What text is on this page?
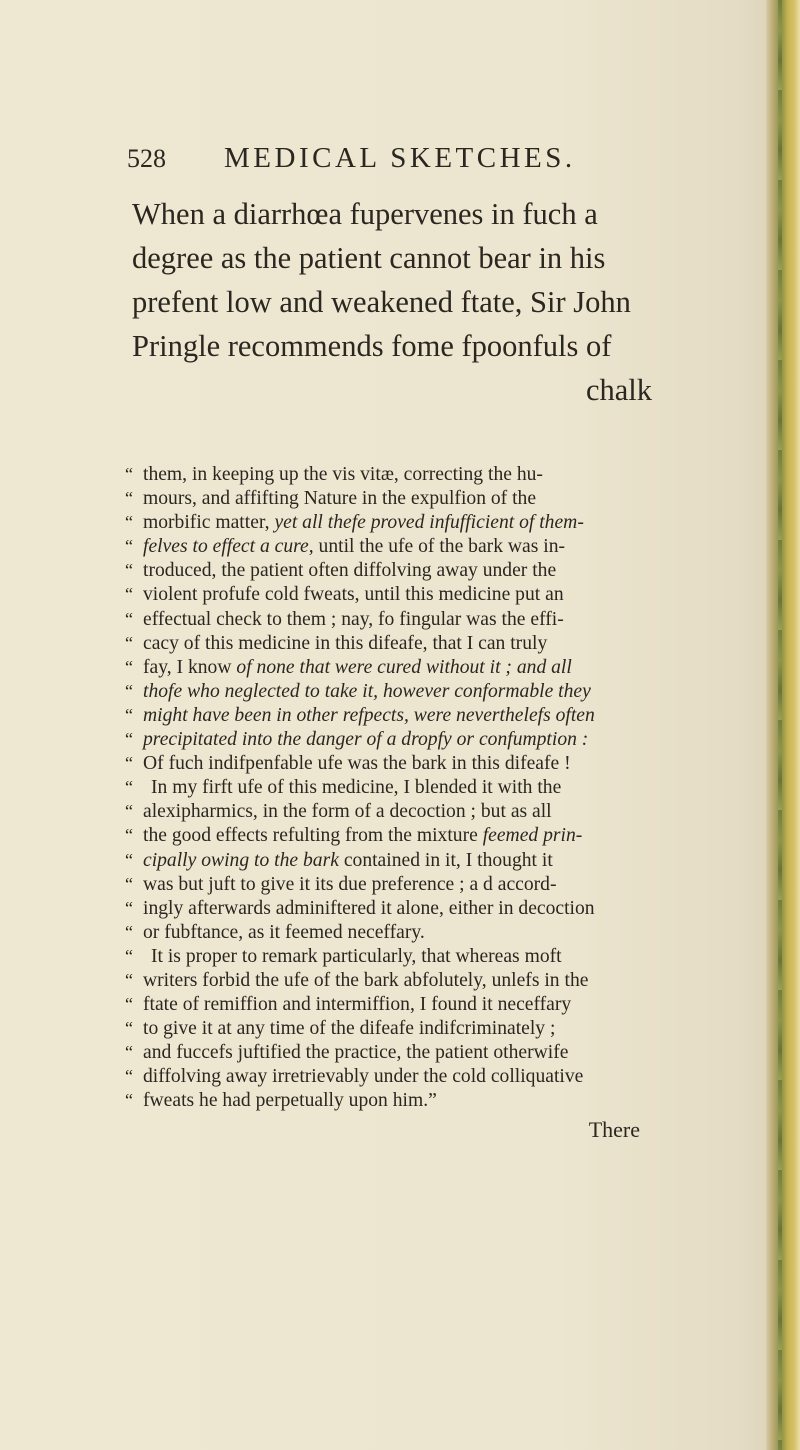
528 MEDICAL SKETCHES.
When a diarrhœa fupervenes in fuch a
degree as the patient cannot bear in his
prefent low and weakened ftate, Sir John
Pringle recommends fome fpoonfuls of
chalk
“ them, in keeping up the vis vitæ, correcting the hu-
“ mours, and affifting Nature in the expulfion of the
“ morbific matter, yet all thefe proved infufficient of them-
“ felves to effect a cure, until the ufe of the bark was in-
“ troduced, the patient often diffolving away under the
“ violent profufe cold fweats, until this medicine put an
“ effectual check to them ; nay, fo fingular was the effi-
“ cacy of this medicine in this difeafe, that I can truly
“ fay, I know of none that were cured without it ; and all
“ thofe who neglected to take it, however conformable they
“ might have been in other refpects, were neverthelefs often
“ precipitated into the danger of a dropfy or confumption :
“ Of fuch indifpenfable ufe was the bark in this difeafe !
“ In my firft ufe of this medicine, I blended it with the
“ alexipharmics, in the form of a decoction ; but as all
“ the good effects refulting from the mixture feemed prin-
“ cipally owing to the bark contained in it, I thought it
“ was but juft to give it its due preference ; a d accord-
“ ingly afterwards adminiftered it alone, either in decoction
“ or fubftance, as it feemed neceffary.
“ It is proper to remark particularly, that whereas moft
“ writers forbid the ufe of the bark abfolutely, unlefs in the
“ ftate of remiffion and intermiffion, I found it neceffary
“ to give it at any time of the difeafe indifcriminately ;
“ and fuccefs juftified the practice, the patient otherwife
“ diffolving away irretrievably under the cold colliquative
“ fweats he had perpetually upon him.”
There
